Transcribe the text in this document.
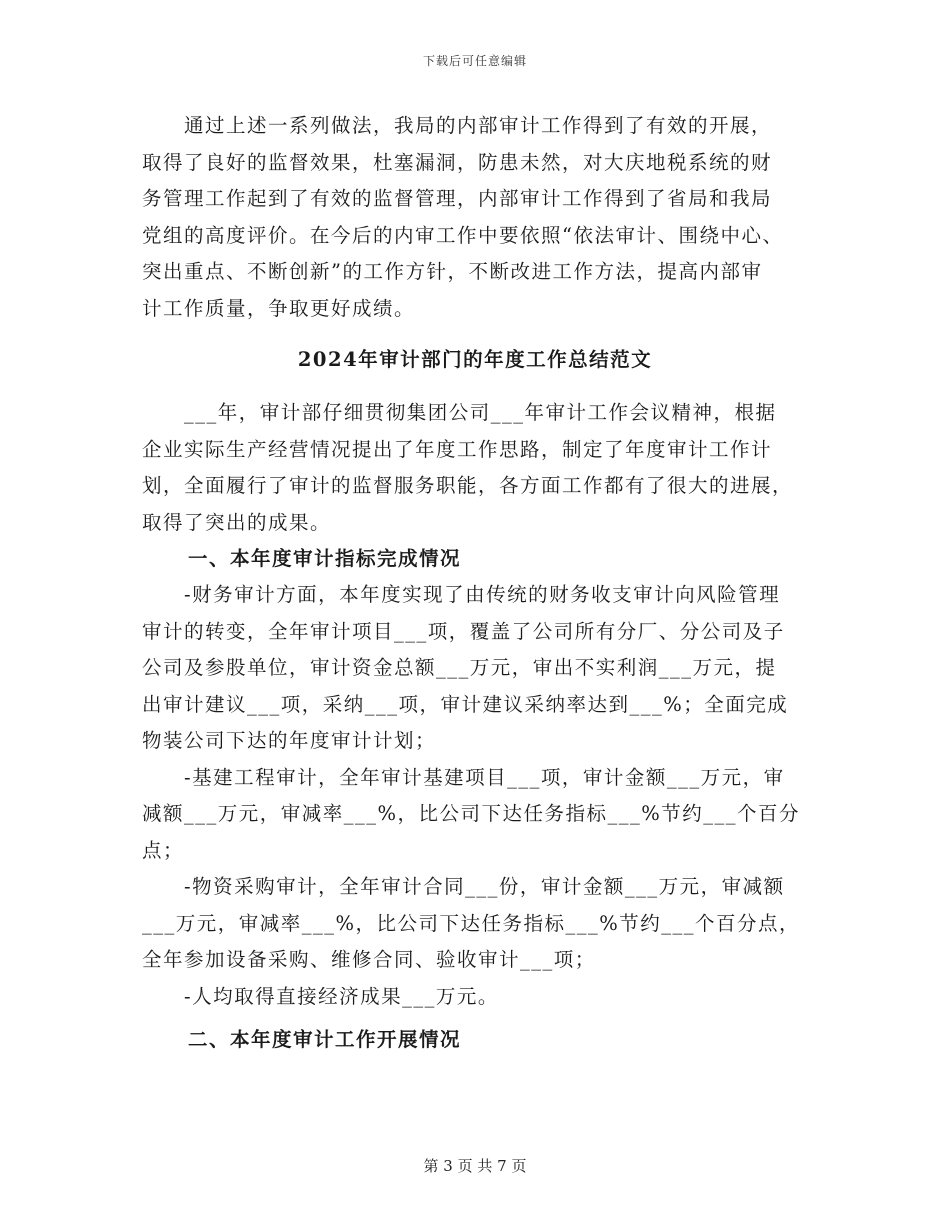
下载后可任意编辑
　　通过上述一系列做法，我局的内部审计工作得到了有效的开展，
取得了良好的监督效果，杜塞漏洞，防患未然，对大庆地税系统的财
务管理工作起到了有效的监督管理，内部审计工作得到了省局和我局
党组的高度评价。在今后的内审工作中要依照“依法审计、围绕中心、
突出重点、不断创新”的工作方针，不断改进工作方法，提高内部审
计工作质量，争取更好成绩。
2024年审计部门的年度工作总结范文
　　___年，审计部仔细贯彻集团公司___年审计工作会议精神，根据
企业实际生产经营情况提出了年度工作思路，制定了年度审计工作计
划，全面履行了审计的监督服务职能，各方面工作都有了很大的进展，
取得了突出的成果。
一、本年度审计指标完成情况
　　-财务审计方面，本年度实现了由传统的财务收支审计向风险管理
审计的转变，全年审计项目___项，覆盖了公司所有分厂、分公司及子
公司及参股单位，审计资金总额___万元，审出不实利润___万元，提
出审计建议___项，采纳___项，审计建议采纳率达到___%；全面完成
物装公司下达的年度审计计划；
　　-基建工程审计，全年审计基建项目___项，审计金额___万元，审
减额___万元，审减率___%，比公司下达任务指标___%节约___个百分
点；
　　-物资采购审计，全年审计合同___份，审计金额___万元，审减额
___万元，审减率___%，比公司下达任务指标___%节约___个百分点，
全年参加设备采购、维修合同、验收审计___项；
　　-人均取得直接经济成果___万元。
二、本年度审计工作开展情况
第 3 页 共 7 页
